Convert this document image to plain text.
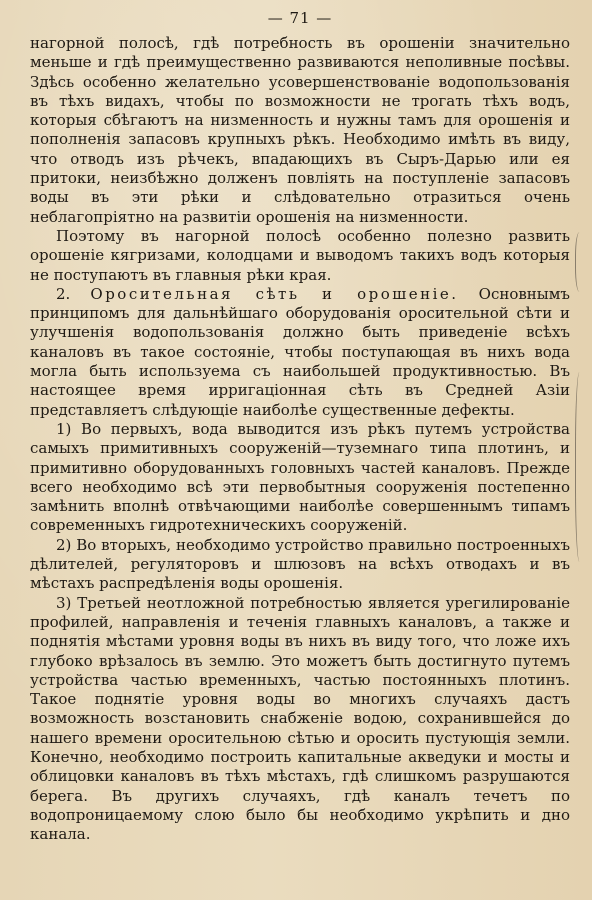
— 71 —

нагорной полосѣ, гдѣ потребность въ орошеніи значительно меньше и гдѣ преимущественно развиваются неполивные посѣвы. Здѣсь особенно желательно усовершенствованіе водопользованія въ тѣхъ видахъ, чтобы по возможности не трогать тѣхъ водъ, которыя сбѣгаютъ на низменность и нужны тамъ для орошенія и пополненія запасовъ крупныхъ рѣкъ. Необходимо имѣть въ виду, что отводъ изъ рѣчекъ, впадающихъ въ Сыръ-Дарью или ея притоки, неизбѣжно долженъ повліять на поступленіе запасовъ воды въ эти рѣки и слѣдовательно отразиться очень неблагопріятно на развитіи орошенія на низменности.

Поэтому въ нагорной полосѣ особенно полезно развить орошеніе кягризами, колодцами и выводомъ такихъ водъ которыя не поступаютъ въ главныя рѣки края.

2. Оросительная сѣть и орошеніе. Основнымъ принципомъ для дальнѣйшаго оборудованія оросительной сѣти и улучшенія водопользованія должно быть приведеніе всѣхъ каналовъ въ такое состояніе, чтобы поступающая въ нихъ вода могла быть используема съ наибольшей продуктивностью. Въ настоящее время ирригаціонная сѣть въ Средней Азіи представляетъ слѣдующіе наиболѣе существенные дефекты.

1) Во первыхъ, вода выводится изъ рѣкъ путемъ устройства самыхъ примитивныхъ сооруженій—туземнаго типа плотинъ, и примитивно оборудованныхъ головныхъ частей каналовъ. Прежде всего необходимо всѣ эти первобытныя сооруженія постепенно замѣнить вполнѣ отвѣчающими наиболѣе совершеннымъ типамъ современныхъ гидротехническихъ сооруженій.

2) Во вторыхъ, необходимо устройство правильно построенныхъ дѣлителей, регуляторовъ и шлюзовъ на всѣхъ отводахъ и въ мѣстахъ распредѣленія воды орошенія.

3) Третьей неотложной потребностью является урегилированіе профилей, направленія и теченія главныхъ каналовъ, а также и поднятія мѣстами уровня воды въ нихъ въ виду того, что ложе ихъ глубоко врѣзалось въ землю. Это можетъ быть достигнуто путемъ устройства частью временныхъ, частью постоянныхъ плотинъ. Такое поднятіе уровня воды во многихъ случаяхъ дастъ возможность возстановить снабженіе водою, сохранившейся до нашего времени оросительною сѣтью и оросить пустующія земли. Конечно, необходимо построить капитальные акведуки и мосты и облицовки каналовъ въ тѣхъ мѣстахъ, гдѣ слишкомъ разрушаются берега. Въ другихъ случаяхъ, гдѣ каналъ течетъ по водопроницаемому слою было бы необходимо укрѣпить и дно канала.
